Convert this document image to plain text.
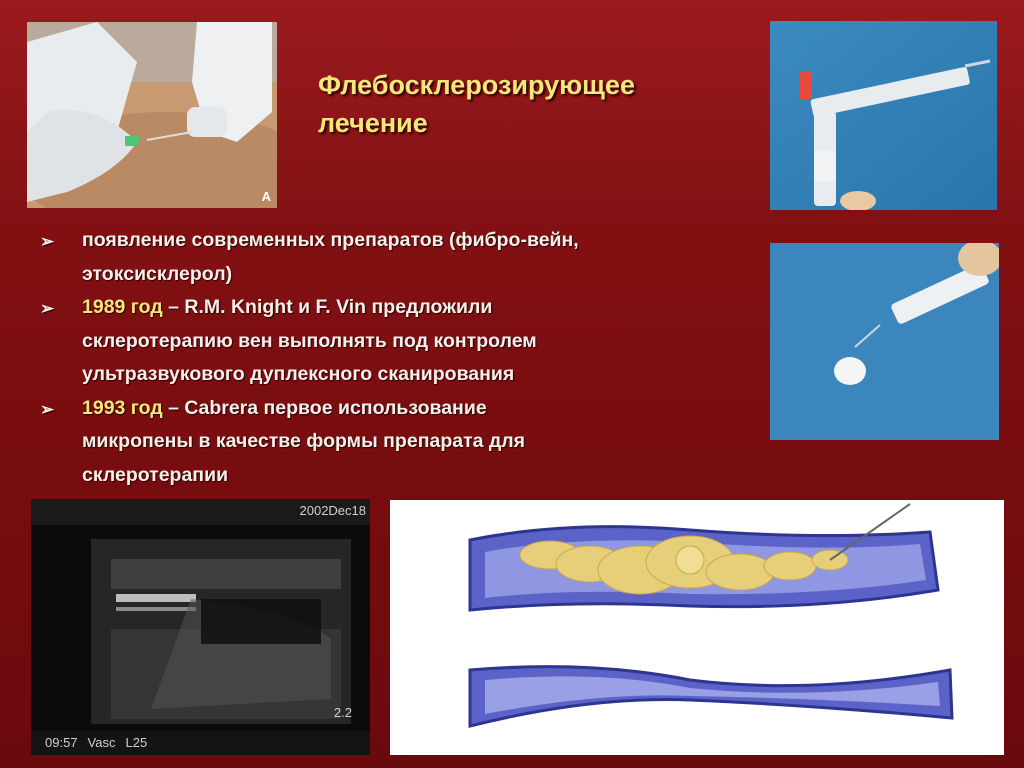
A
Флебосклерозирующее
лечение
➢ появление современных препаратов (фибро-вейн,
этоксисклерол)
➢ 1989 год – R.M. Knight и F. Vin предложили
склеротерапию вен выполнять под контролем
ультразвукового дуплексного сканирования
➢ 1993 год – Cabrera первое использование
микропены в качестве формы препарата для
склеротерапии
2002Dec18
2.2
09:57 Vasc L25
